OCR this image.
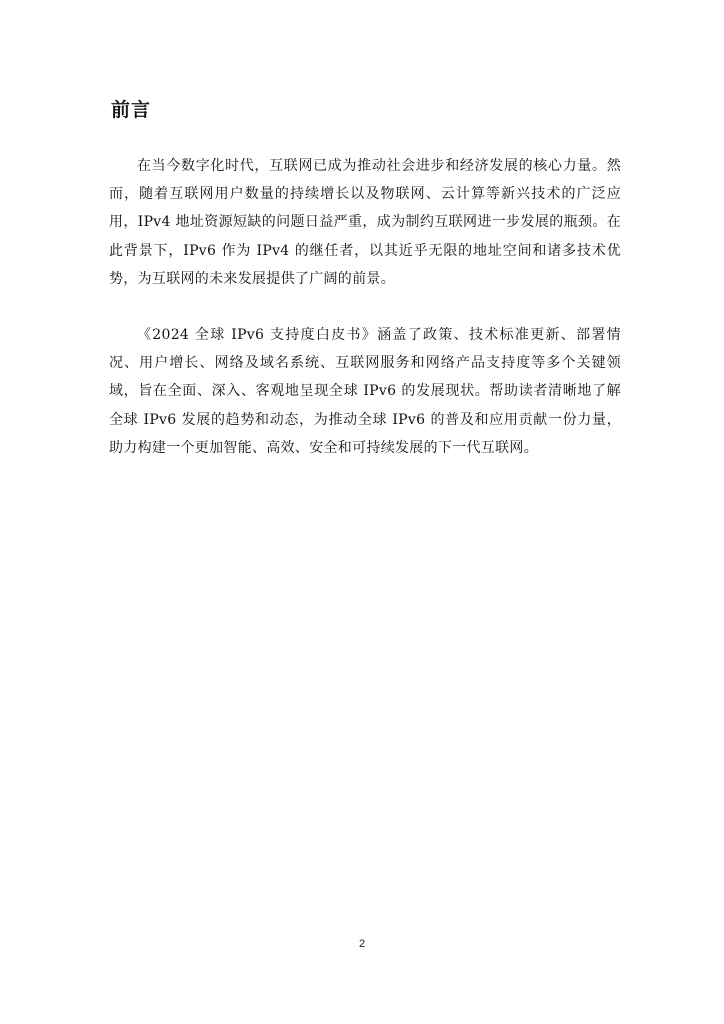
前言

在当今数字化时代，互联网已成为推动社会进步和经济发展的核心力量。然而，随着互联网用户数量的持续增长以及物联网、云计算等新兴技术的广泛应用，IPv4 地址资源短缺的问题日益严重，成为制约互联网进一步发展的瓶颈。在此背景下，IPv6 作为 IPv4 的继任者，以其近乎无限的地址空间和诸多技术优势，为互联网的未来发展提供了广阔的前景。

《2024 全球 IPv6 支持度白皮书》涵盖了政策、技术标准更新、部署情况、用户增长、网络及域名系统、互联网服务和网络产品支持度等多个关键领域，旨在全面、深入、客观地呈现全球 IPv6 的发展现状。帮助读者清晰地了解全球 IPv6 发展的趋势和动态，为推动全球 IPv6 的普及和应用贡献一份力量，助力构建一个更加智能、高效、安全和可持续发展的下一代互联网。

2
